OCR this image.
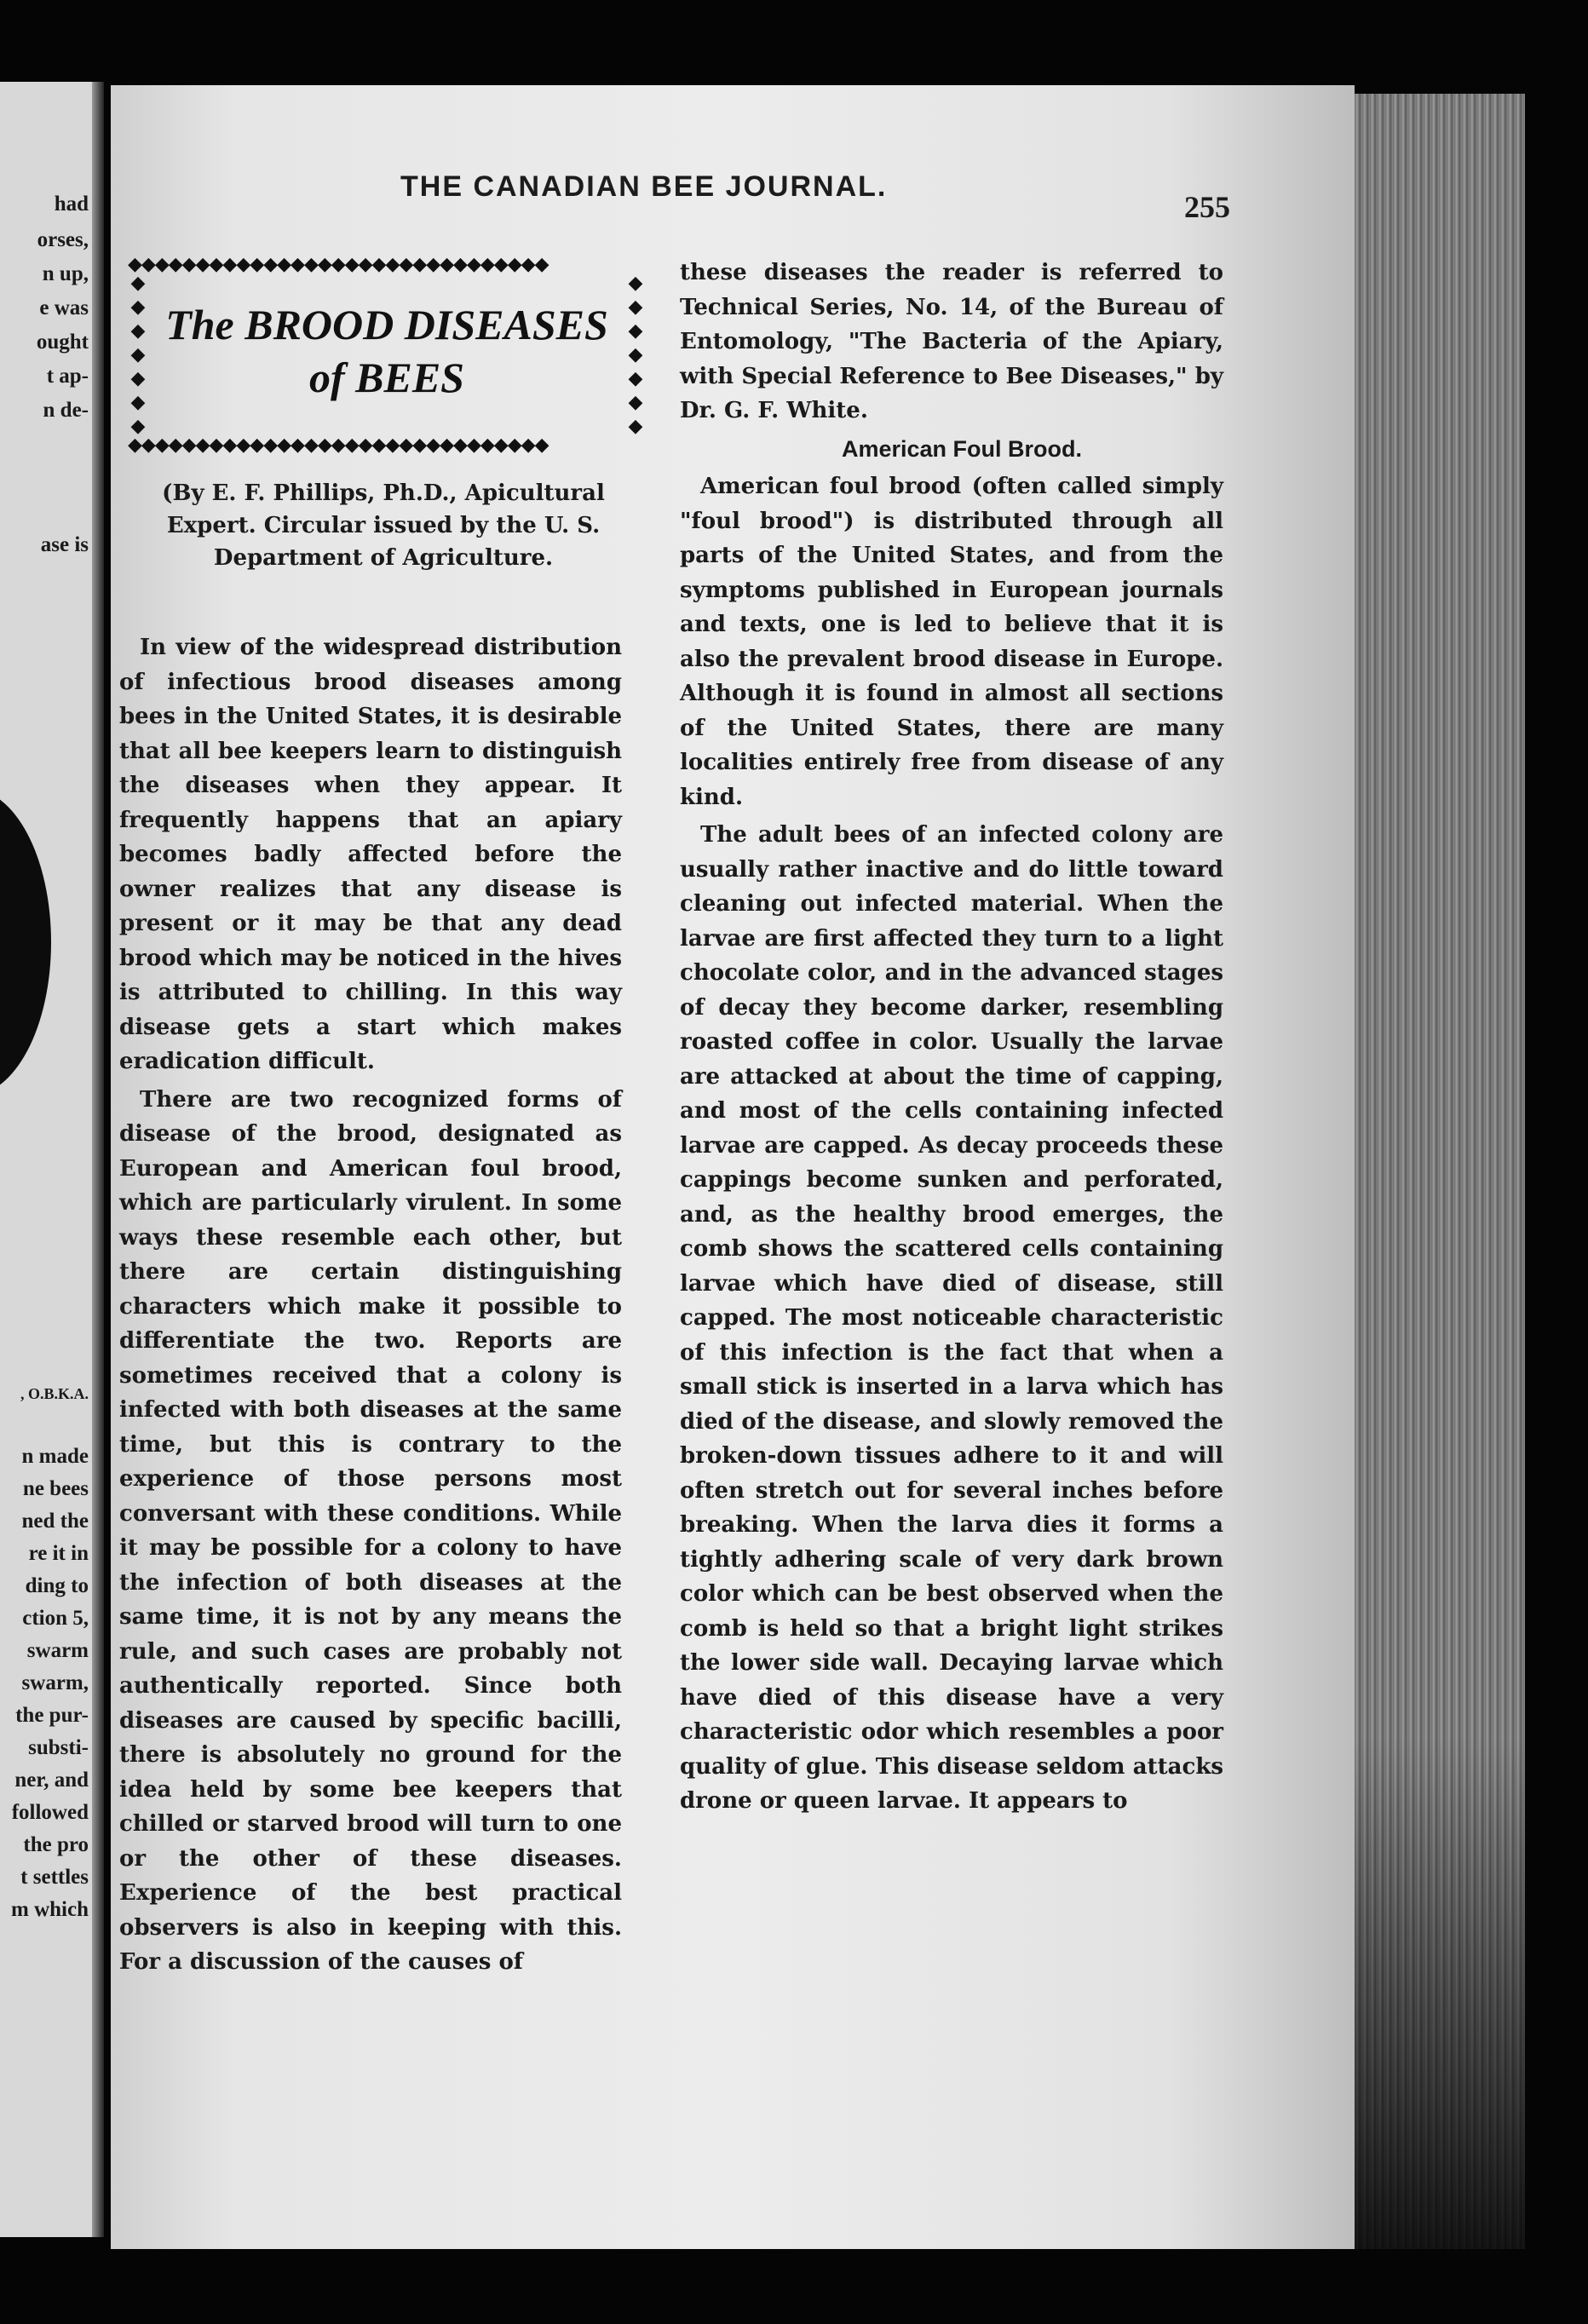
had
orses,
n up,
e was
ought
t ap-
n de-
ase is
, O.B.K.A.
n made
ne bees
ned the
re it in
ding to
ction 5,
swarm
swarm,
the pur-
substi-
ner, and
followed
the pro
t settles
m which
THE CANADIAN BEE JOURNAL.
255
◆◆◆◆◆◆◆◆◆◆◆◆◆◆◆◆◆◆◆◆◆◆◆◆◆◆◆◆◆◆◆
◆◆◆◆◆◆◆
◆◆◆◆◆◆◆
The BROOD DISEASES
of BEES
◆◆◆◆◆◆◆◆◆◆◆◆◆◆◆◆◆◆◆◆◆◆◆◆◆◆◆◆◆◆◆
(By E. F. Phillips, Ph.D., Apicultural Expert. Circular issued by the U. S. Department of Agriculture.

In view of the widespread distribution of infectious brood diseases among bees in the United States, it is desirable that all bee keepers learn to distinguish the diseases when they appear. It frequently happens that an apiary becomes badly affected before the owner realizes that any disease is present or it may be that any dead brood which may be noticed in the hives is attributed to chilling. In this way disease gets a start which makes eradication difficult.

There are two recognized forms of disease of the brood, designated as European and American foul brood, which are particularly virulent. In some ways these resemble each other, but there are certain distinguishing characters which make it possible to differentiate the two. Reports are sometimes received that a colony is infected with both diseases at the same time, but this is contrary to the experience of those persons most conversant with these conditions. While it may be possible for a colony to have the infection of both diseases at the same time, it is not by any means the rule, and such cases are probably not authentically reported. Since both diseases are caused by specific bacilli, there is absolutely no ground for the idea held by some bee keepers that chilled or starved brood will turn to one or the other of these diseases. Experience of the best practical observers is also in keeping with this. For a discussion of the causes of

these diseases the reader is referred to Technical Series, No. 14, of the Bureau of Entomology, "The Bacteria of the Apiary, with Special Reference to Bee Diseases," by Dr. G. F. White.

American Foul Brood.

American foul brood (often called simply "foul brood") is distributed through all parts of the United States, and from the symptoms published in European journals and texts, one is led to believe that it is also the prevalent brood disease in Europe. Although it is found in almost all sections of the United States, there are many localities entirely free from disease of any kind.

The adult bees of an infected colony are usually rather inactive and do little toward cleaning out infected material. When the larvae are first affected they turn to a light chocolate color, and in the advanced stages of decay they become darker, resembling roasted coffee in color. Usually the larvae are attacked at about the time of capping, and most of the cells containing infected larvae are capped. As decay proceeds these cappings become sunken and perforated, and, as the healthy brood emerges, the comb shows the scattered cells containing larvae which have died of disease, still capped. The most noticeable characteristic of this infection is the fact that when a small stick is inserted in a larva which has died of the disease, and slowly removed the broken-down tissues adhere to it and will often stretch out for several inches before breaking. When the larva dies it forms a tightly adhering scale of very dark brown color which can be best observed when the comb is held so that a bright light strikes the lower side wall. Decaying larvae which have died of this disease have a very characteristic odor which resembles a poor quality of glue. This disease seldom attacks drone or queen larvae. It appears to
